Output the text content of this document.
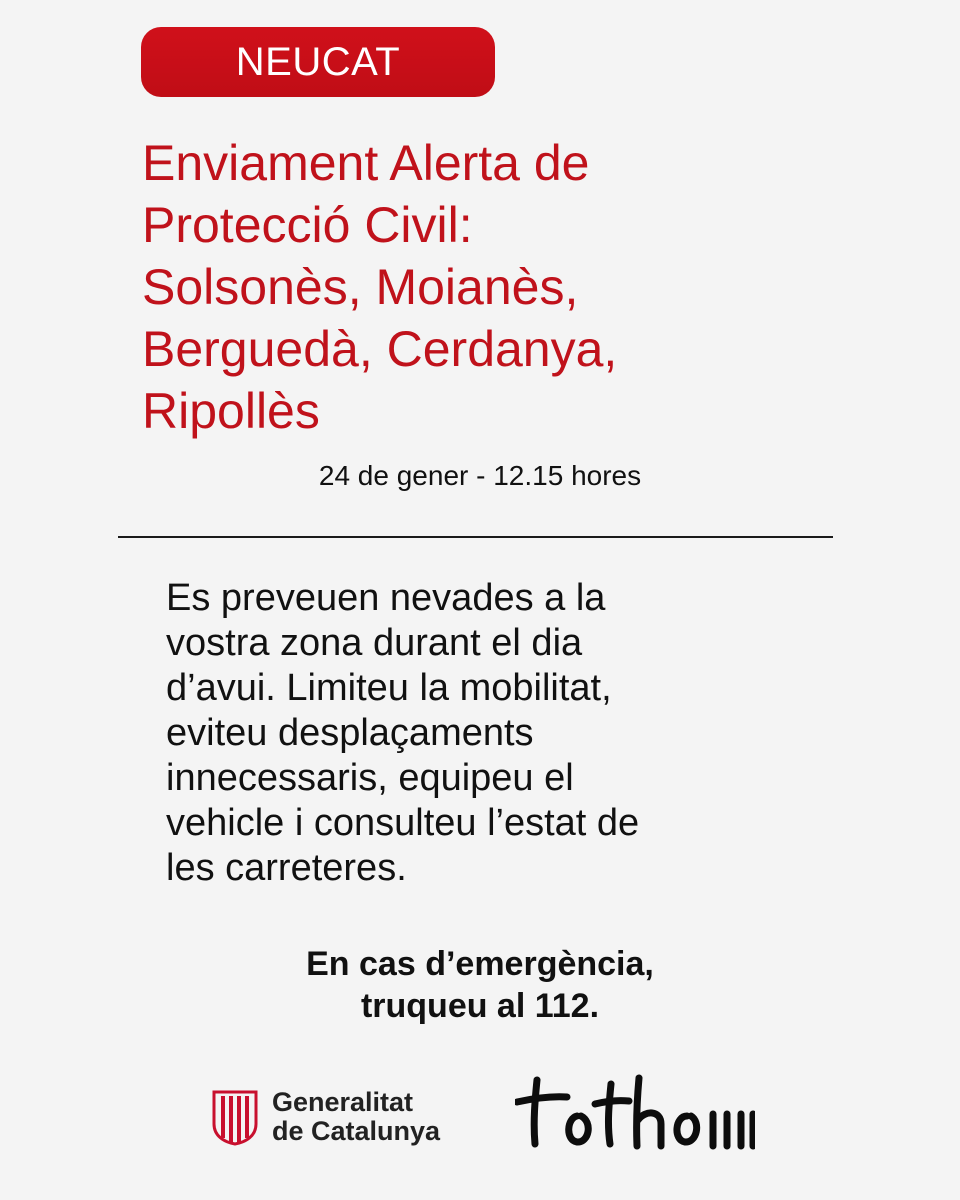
NEUCAT
Enviament Alerta de
Protecció Civil:
Solsonès, Moianès,
Berguedà, Cerdanya,
Ripollès
24 de gener - 12.15 hores

Es preveuen nevades a la
vostra zona durant el dia
d’avui. Limiteu la mobilitat,
eviteu desplaçaments
innecessaris, equipeu el
vehicle i consulteu l’estat de
les carreteres.

En cas d’emergència,
truqueu al 112.
Generalitat
de Catalunya
